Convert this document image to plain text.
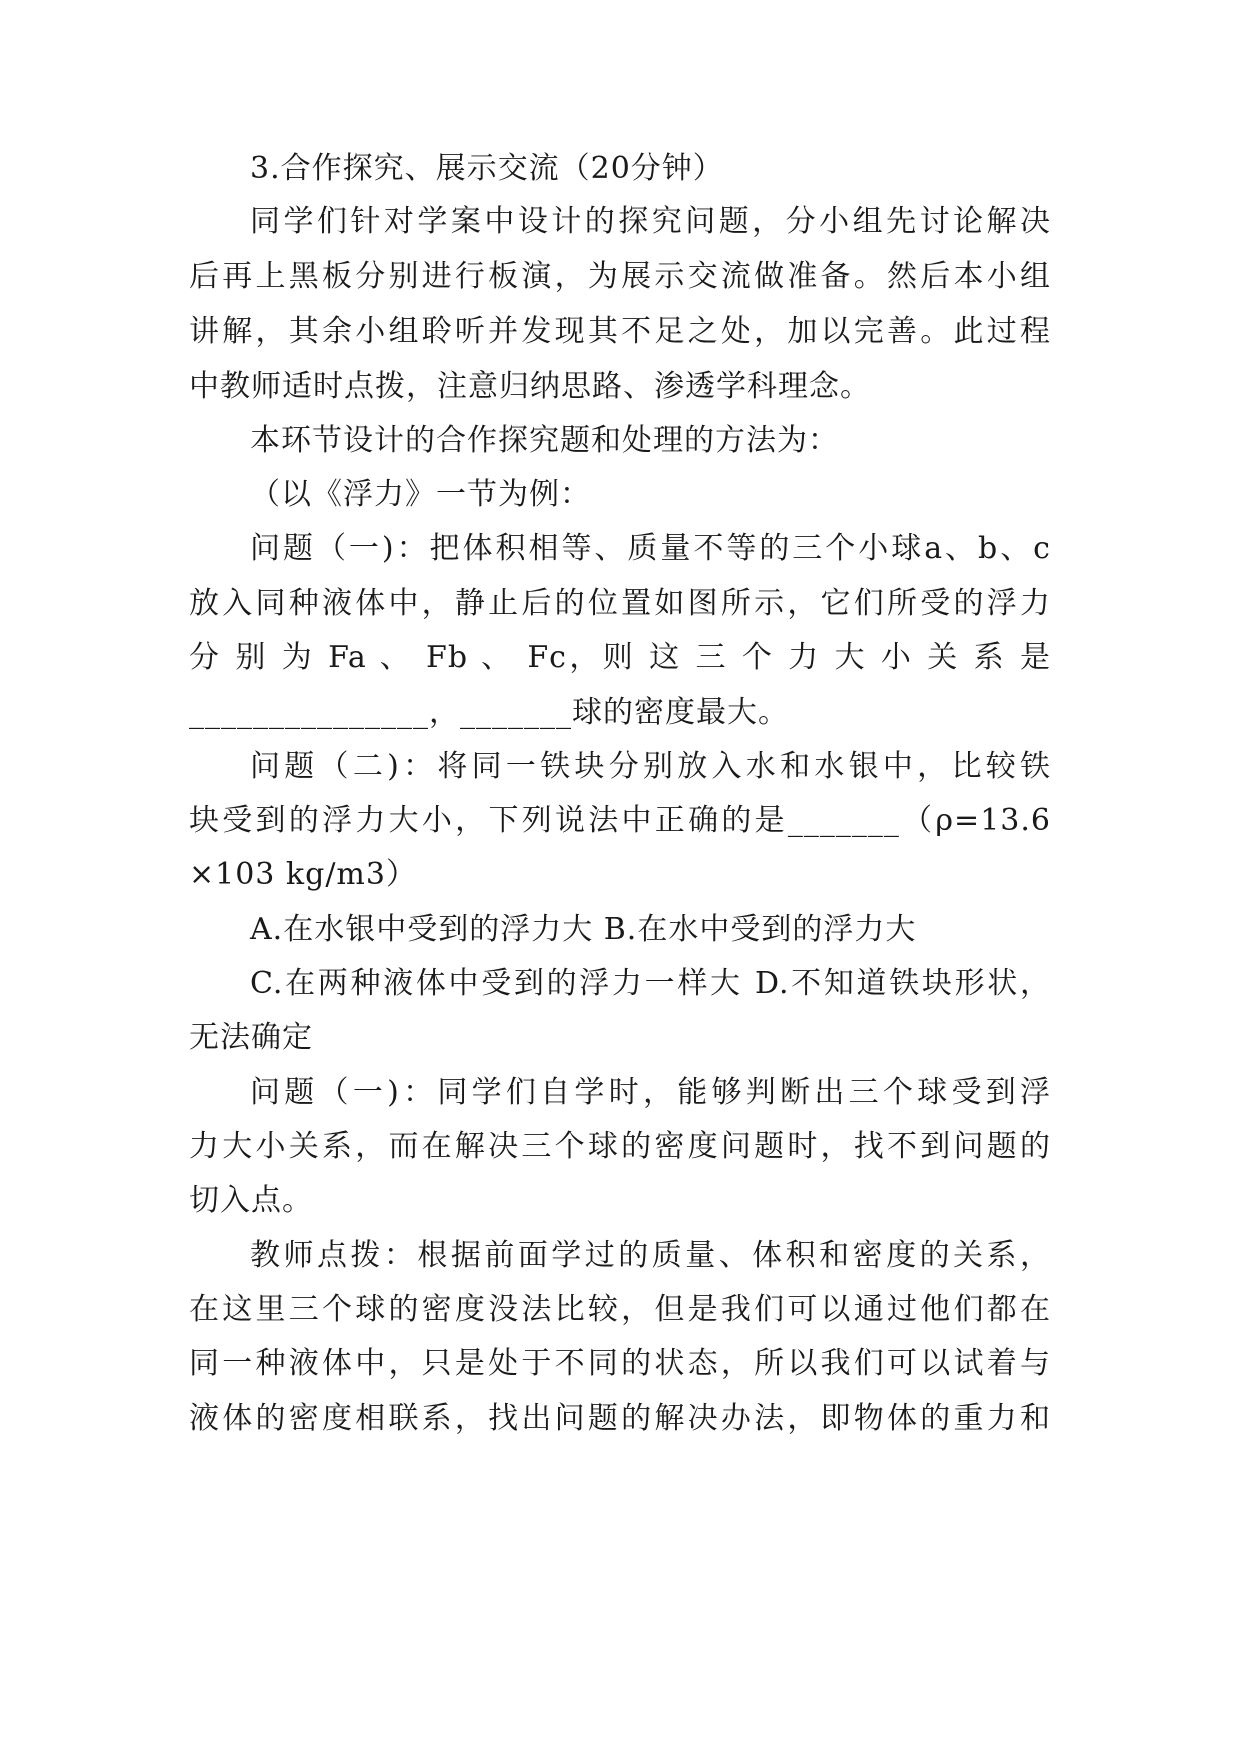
3.合作探究、展示交流（20分钟）
同学们针对学案中设计的探究问题，分小组先讨论解决
后再上黑板分别进行板演，为展示交流做准备。然后本小组
讲解，其余小组聆听并发现其不足之处，加以完善。此过程
中教师适时点拨，注意归纳思路、渗透学科理念。
本环节设计的合作探究题和处理的方法为：
（以《浮力》一节为例：
问题（一)：把体积相等、质量不等的三个小球a、b、c
放入同种液体中，静止后的位置如图所示，它们所受的浮力
分 别 为 Fa 、 Fb 、 Fc，则 这 三 个 力 大 小 关 系 是
_______________，_______球的密度最大。
问题（二)：将同一铁块分别放入水和水银中，比较铁
块受到的浮力大小，下列说法中正确的是_______（ρ=13.6
×103 kg/m3）
A.在水银中受到的浮力大 B.在水中受到的浮力大
C.在两种液体中受到的浮力一样大 D.不知道铁块形状，
无法确定
问题（一)：同学们自学时，能够判断出三个球受到浮
力大小关系，而在解决三个球的密度问题时，找不到问题的
切入点。
教师点拨：根据前面学过的质量、体积和密度的关系，
在这里三个球的密度没法比较，但是我们可以通过他们都在
同一种液体中，只是处于不同的状态，所以我们可以试着与
液体的密度相联系，找出问题的解决办法，即物体的重力和
